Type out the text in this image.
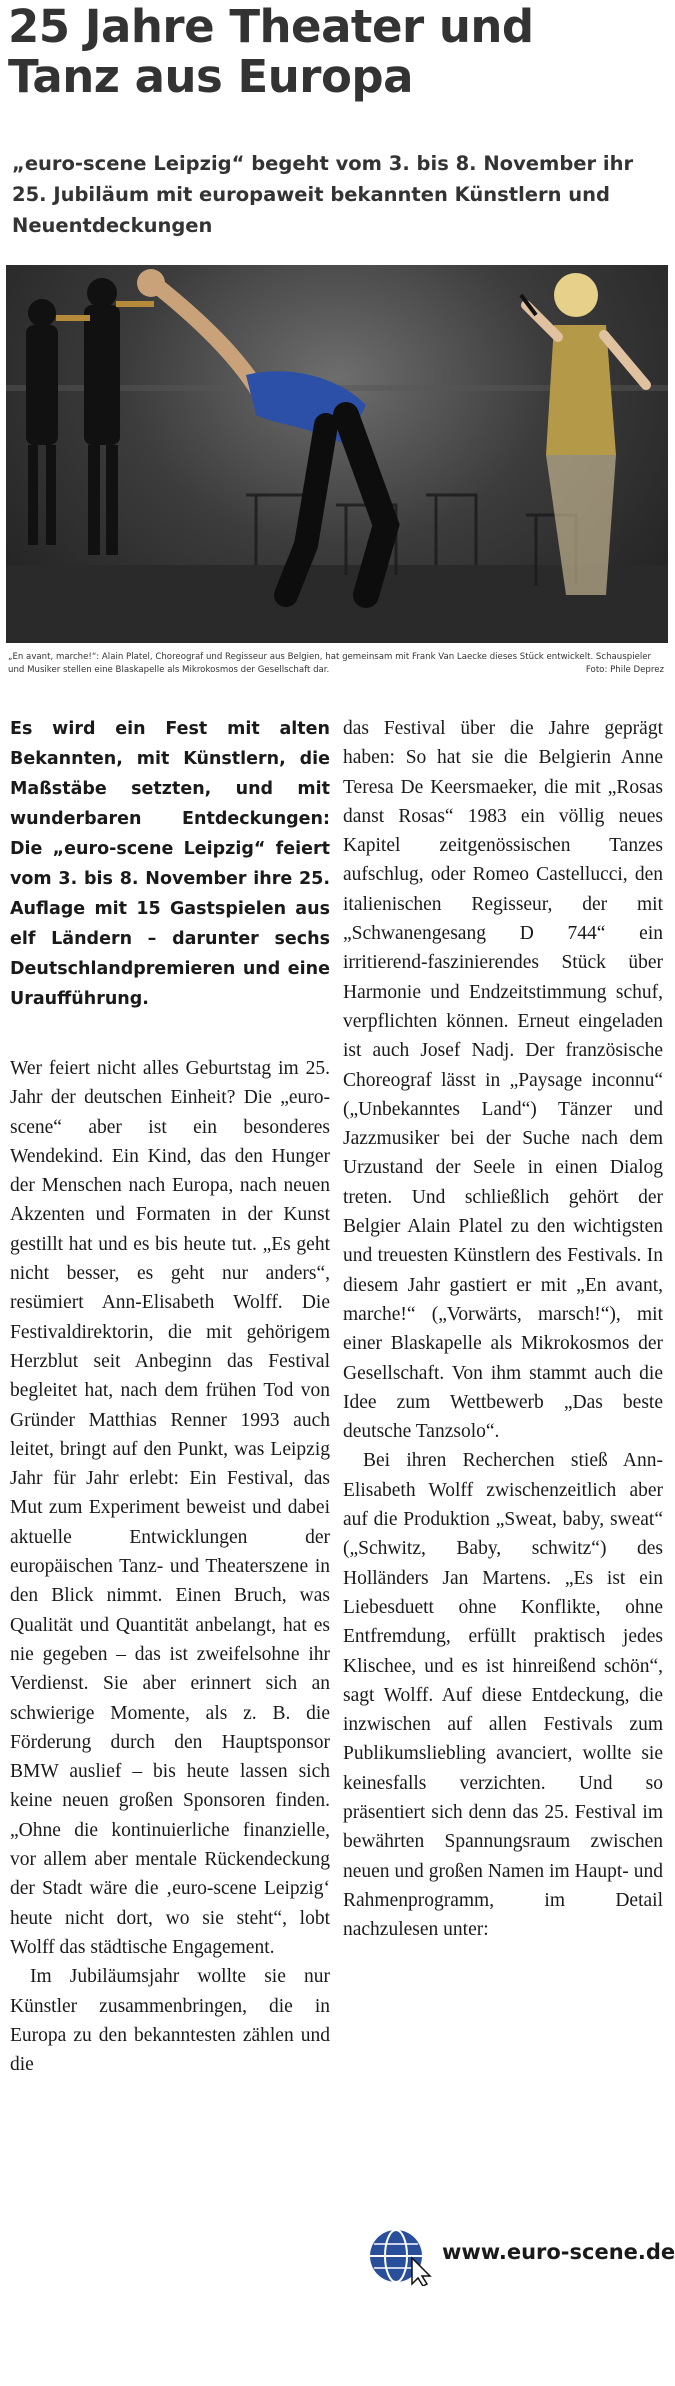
25 Jahre Theater und
Tanz aus Europa

„euro-scene Leipzig“ begeht vom 3. bis 8. November ihr 25. Jubiläum mit europaweit bekannten Künstlern und Neuentdeckungen

„En avant, marche!“: Alain Platel, Choreograf und Regisseur aus Belgien, hat gemeinsam mit Frank Van Laecke dieses Stück entwickelt. Schauspieler und Musiker stellen eine Blaskapelle als Mikrokosmos der Gesellschaft dar.	Foto: Phile Deprez

Es wird ein Fest mit alten Bekannten, mit Künstlern, die Maßstäbe setzten, und mit wunderbaren Entdeckungen: Die „euro-scene Leipzig“ feiert vom 3. bis 8. November ihre 25. Auflage mit 15 Gastspielen aus elf Ländern – darunter sechs Deutschlandpremieren und eine Uraufführung.

Wer feiert nicht alles Geburtstag im 25. Jahr der deutschen Einheit? Die „euro-scene“ aber ist ein besonderes Wendekind. Ein Kind, das den Hunger der Menschen nach Europa, nach neuen Akzenten und Formaten in der Kunst gestillt hat und es bis heute tut. „Es geht nicht besser, es geht nur anders“, resümiert Ann-Elisabeth Wolff. Die Festivaldirektorin, die mit gehörigem Herzblut seit Anbeginn das Festival begleitet hat, nach dem frühen Tod von Gründer Matthias Renner 1993 auch leitet, bringt auf den Punkt, was Leipzig Jahr für Jahr erlebt: Ein Festival, das Mut zum Experiment beweist und dabei aktuelle Entwicklungen der europäischen Tanz- und Theaterszene in den Blick nimmt. Einen Bruch, was Qualität und Quantität anbelangt, hat es nie gegeben – das ist zweifelsohne ihr Verdienst. Sie aber erinnert sich an schwierige Momente, als z. B. die Förderung durch den Hauptsponsor BMW auslief – bis heute lassen sich keine neuen großen Sponsoren finden. „Ohne die kontinuierliche finanzielle, vor allem aber mentale Rückendeckung der Stadt wäre die ‚euro-scene Leipzig‘ heute nicht dort, wo sie steht“, lobt Wolff das städtische Engagement.

Im Jubiläumsjahr wollte sie nur Künstler zusammenbringen, die in Europa zu den bekanntesten zählen und die

das Festival über die Jahre geprägt haben: So hat sie die Belgierin Anne Teresa De Keersmaeker, die mit „Rosas danst Rosas“ 1983 ein völlig neues Kapitel zeitgenössischen Tanzes aufschlug, oder Romeo Castellucci, den italienischen Regisseur, der mit „Schwanengesang D 744“ ein irritierend-faszinierendes Stück über Harmonie und Endzeitstimmung schuf, verpflichten können. Erneut eingeladen ist auch Josef Nadj. Der französische Choreograf lässt in „Paysage inconnu“ („Unbekanntes Land“) Tänzer und Jazzmusiker bei der Suche nach dem Urzustand der Seele in einen Dialog treten. Und schließlich gehört der Belgier Alain Platel zu den wichtigsten und treuesten Künstlern des Festivals. In diesem Jahr gastiert er mit „En avant, marche!“ („Vorwärts, marsch!“), mit einer Blaskapelle als Mikrokosmos der Gesellschaft. Von ihm stammt auch die Idee zum Wettbewerb „Das beste deutsche Tanzsolo“.

Bei ihren Recherchen stieß Ann-Elisabeth Wolff zwischenzeitlich aber auf die Produktion „Sweat, baby, sweat“ („Schwitz, Baby, schwitz“) des Holländers Jan Martens. „Es ist ein Liebesduett ohne Konflikte, ohne Entfremdung, erfüllt praktisch jedes Klischee, und es ist hinreißend schön“, sagt Wolff. Auf diese Entdeckung, die inzwischen auf allen Festivals zum Publikumsliebling avanciert, wollte sie keinesfalls verzichten. Und so präsentiert sich denn das 25. Festival im bewährten Spannungsraum zwischen neuen und großen Namen im Haupt- und Rahmenprogramm, im Detail nachzulesen unter:

www.euro-scene.de
